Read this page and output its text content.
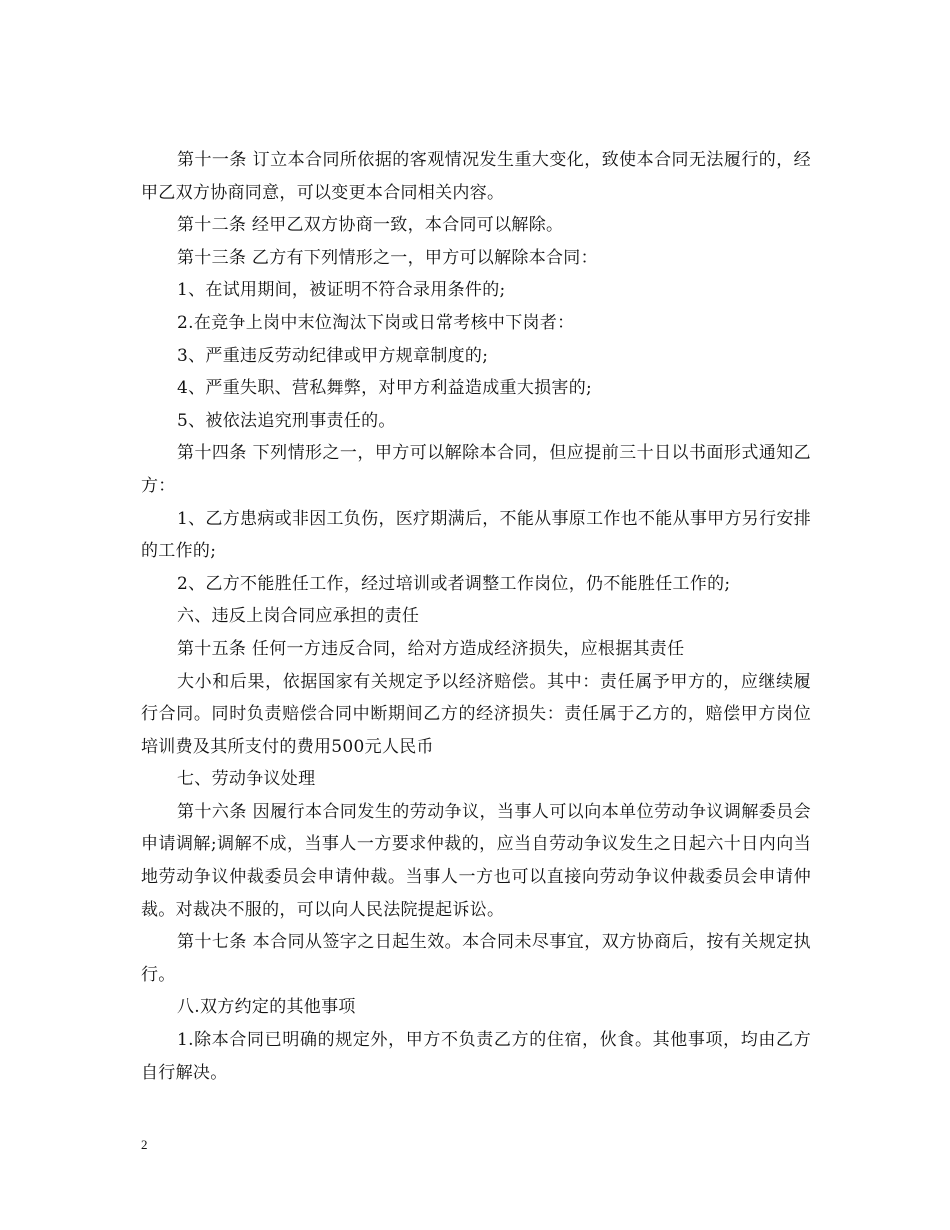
第十一条 订立本合同所依据的客观情况发生重大变化，致使本合同无法履行的，经甲乙双方协商同意，可以变更本合同相关内容。

第十二条 经甲乙双方协商一致，本合同可以解除。

第十三条 乙方有下列情形之一，甲方可以解除本合同：

1、在试用期间，被证明不符合录用条件的;

2.在竞争上岗中末位淘汰下岗或日常考核中下岗者：

3、严重违反劳动纪律或甲方规章制度的;

4、严重失职、营私舞弊，对甲方利益造成重大损害的;

5、被依法追究刑事责任的。

第十四条 下列情形之一，甲方可以解除本合同，但应提前三十日以书面形式通知乙方：

1、乙方患病或非因工负伤，医疗期满后，不能从事原工作也不能从事甲方另行安排的工作的;

2、乙方不能胜任工作，经过培训或者调整工作岗位，仍不能胜任工作的;

六、违反上岗合同应承担的责任

第十五条 任何一方违反合同，给对方造成经济损失，应根据其责任

大小和后果，依据国家有关规定予以经济赔偿。其中：责任属予甲方的，应继续履行合同。同时负责赔偿合同中断期间乙方的经济损失：责任属于乙方的，赔偿甲方岗位培训费及其所支付的费用500元人民币

七、劳动争议处理

第十六条 因履行本合同发生的劳动争议，当事人可以向本单位劳动争议调解委员会申请调解;调解不成，当事人一方要求仲裁的，应当自劳动争议发生之日起六十日内向当地劳动争议仲裁委员会申请仲裁。当事人一方也可以直接向劳动争议仲裁委员会申请仲裁。对裁决不服的，可以向人民法院提起诉讼。

第十七条 本合同从签字之日起生效。本合同未尽事宜，双方协商后，按有关规定执行。

八.双方约定的其他事项

1.除本合同已明确的规定外，甲方不负责乙方的住宿，伙食。其他事项，均由乙方自行解决。

2
